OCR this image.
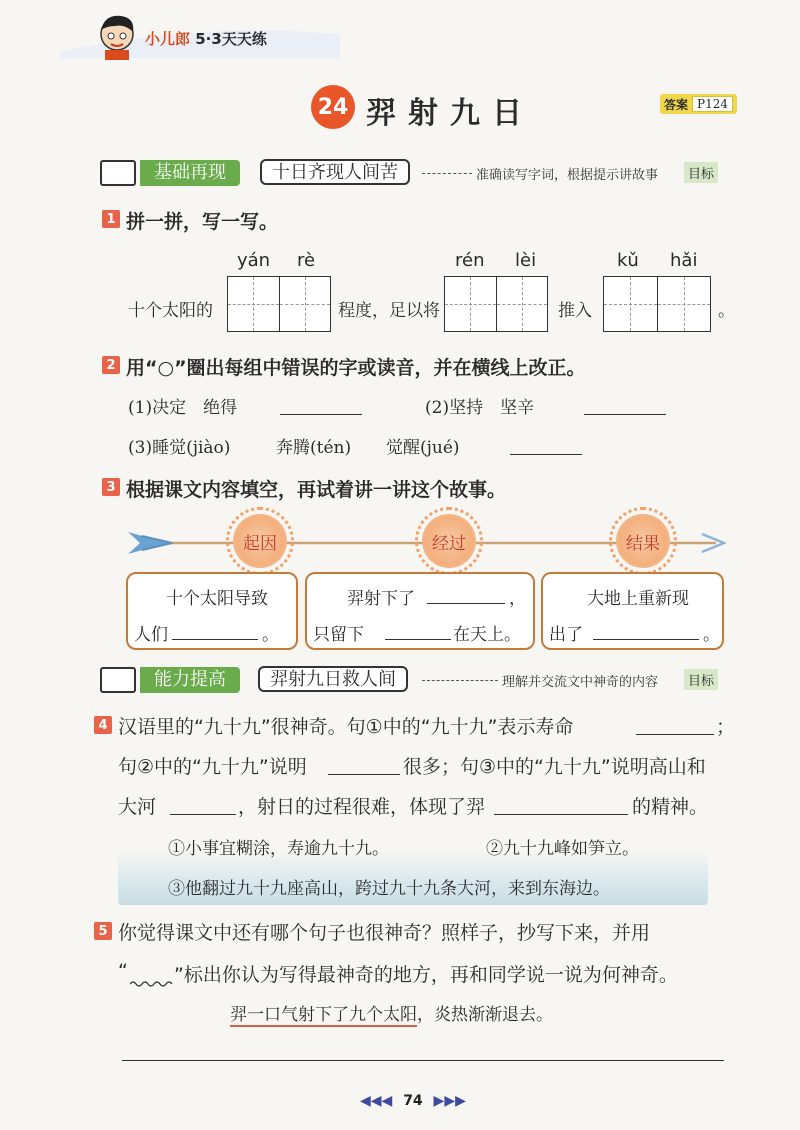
小儿郎 5·3天天练
24 羿射九日	答案 P124
基础再现	十日齐现人间苦	准确读写字词，根据提示讲故事	目标
1 拼一拼，写一写。
yán rè	rén lèi	kǔ hǎi
十个太阳的	程度，足以将	推入	。
2 用“○”圈出每组中错误的字或读音，并在横线上改正。
(1)决定　绝得	(2)坚持　坚辛
(3)睡觉(jiào)	奔腾(tén) 觉醒(jué)
3 根据课文内容填空，再试着讲一讲这个故事。
起因	经过	结果
十个太阳导致
人们	。
羿射下了	，
只留下	在天上。
大地上重新现
出了	。
能力提高	羿射九日救人间	理解并交流文中神奇的内容	目标
4 汉语里的“九十九”很神奇。句①中的“九十九”表示寿命	；
句②中的“九十九”说明	很多；句③中的“九十九”说明高山和
大河	，射日的过程很难，体现了羿	的精神。
①小事宜糊涂，寿逾九十九。	②九十九峰如笋立。
③他翻过九十九座高山，跨过九十九条大河，来到东海边。
5 你觉得课文中还有哪个句子也很神奇？照样子，抄写下来，并用
“ ”标出你认为写得最神奇的地方，再和同学说一说为何神奇。
羿一口气射下了九个太阳，炎热渐渐退去。
◀◀◀ 74 ▶▶▶
